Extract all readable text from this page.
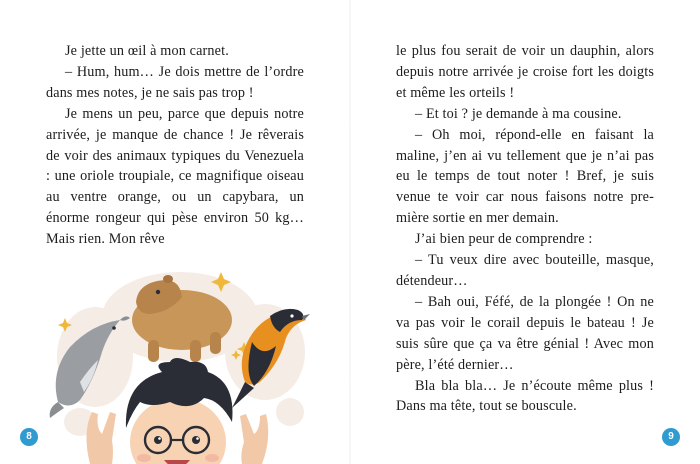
Je jette un œil à mon carnet.

– Hum, hum… Je dois mettre de l’ordre dans mes notes, je ne sais pas trop !

Je mens un peu, parce que depuis notre arrivée, je manque de chance ! Je rêverais de voir des animaux typiques du Venezuela : une oriole troupiale, ce magnifique oiseau au ventre orange, ou un capybara, un énorme rongeur qui pèse environ 50 kg… Mais rien. Mon rêve

8	9

le plus fou serait de voir un dauphin, alors depuis notre arrivée je croise fort les doigts et même les orteils !

– Et toi ? je demande à ma cousine.

– Oh moi, répond-elle en faisant la maline, j’en ai vu tellement que je n’ai pas eu le temps de tout noter ! Bref, je suis venue te voir car nous faisons notre pre-mière sortie en mer demain.

J’ai bien peur de comprendre :

– Tu veux dire avec bouteille, masque, détendeur…

– Bah oui, Féfé, de la plongée ! On ne va pas voir le corail depuis le bateau ! Je suis sûre que ça va être génial ! Avec mon père, l’été dernier…

Bla bla bla… Je n’écoute même plus ! Dans ma tête, tout se bouscule.
